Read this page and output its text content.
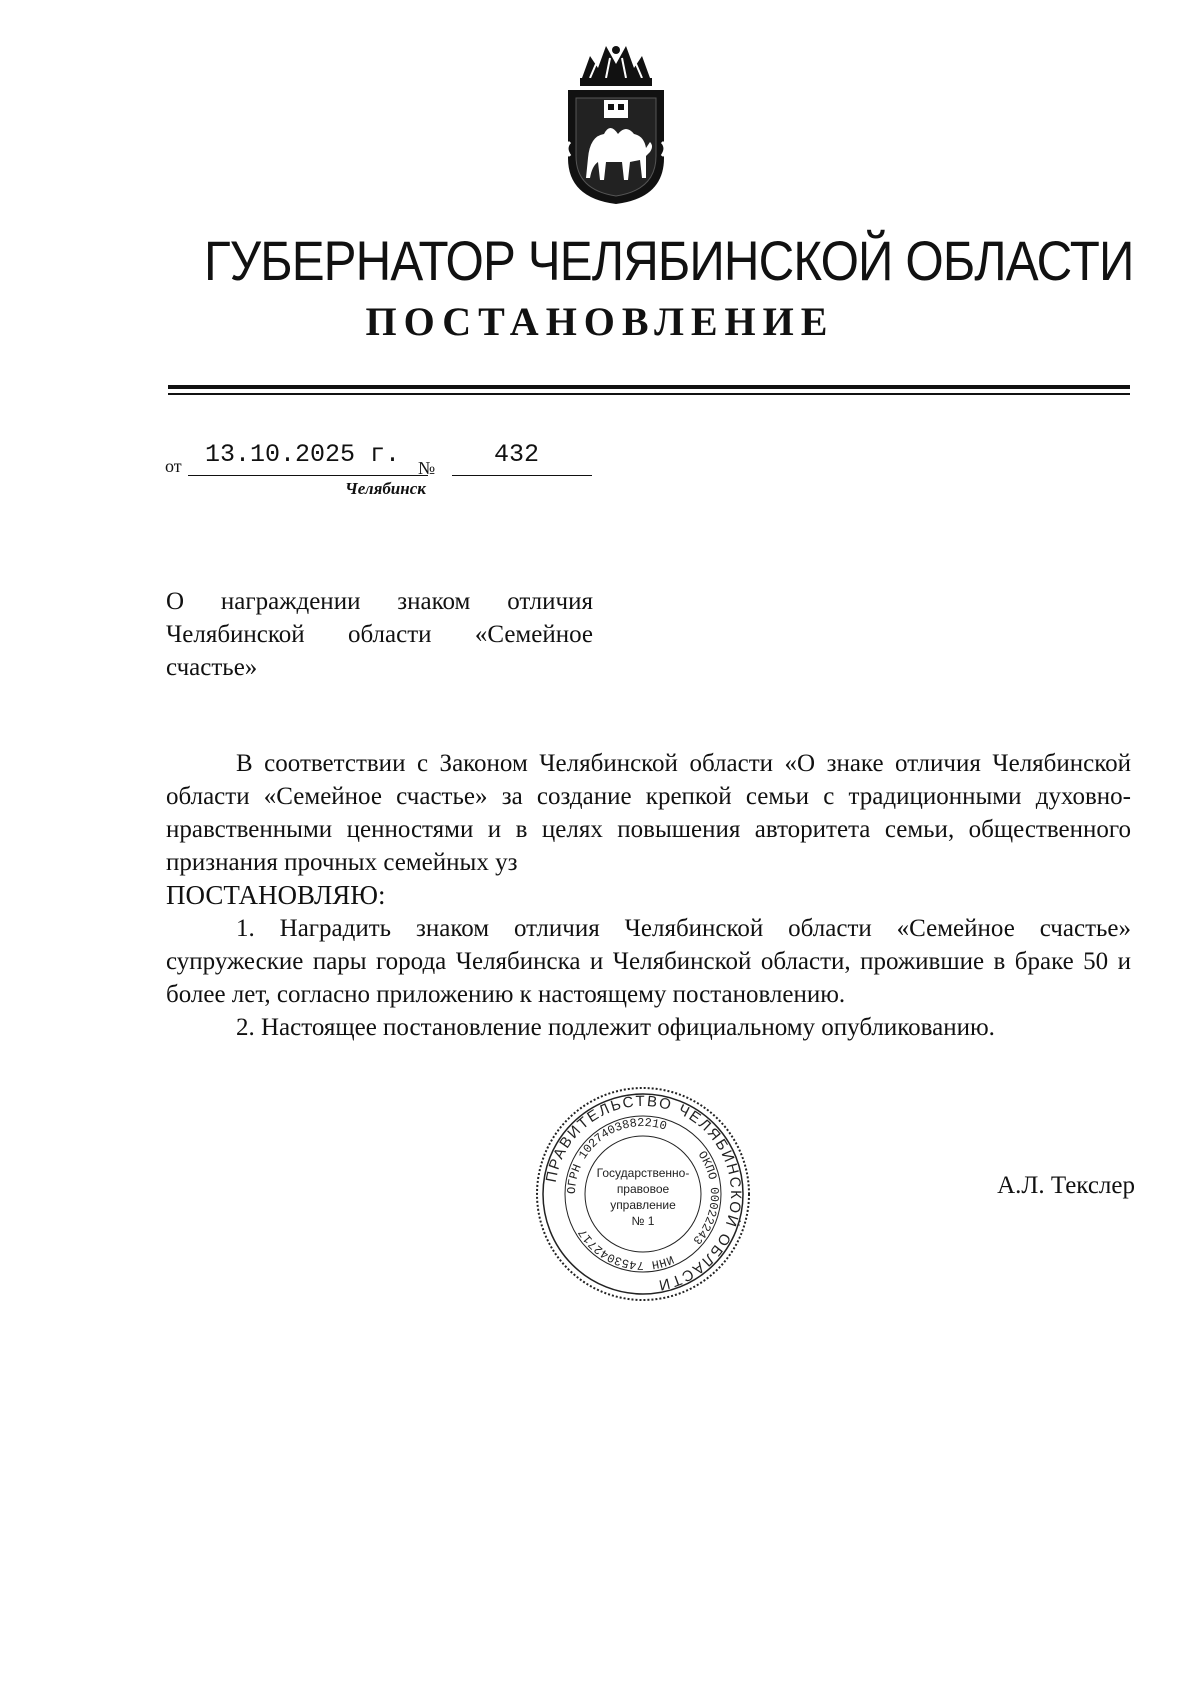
ГУБЕРНАТОР ЧЕЛЯБИНСКОЙ ОБЛАСТИ
ПОСТАНОВЛЕНИЕ
от 13.10.2025 г. № 432
Челябинск

О награждении знаком отличия Челябинской области «Семейное счастье»

В соответствии с Законом Челябинской области «О знаке отличия Челябинской области «Семейное счастье» за создание крепкой семьи с традиционными духовно-нравственными ценностями и в целях повышения авторитета семьи, общественного признания прочных семейных уз

ПОСТАНОВЛЯЮ:

1. Наградить знаком отличия Челябинской области «Семейное счастье» супружеские пары города Челябинска и Челябинской области, прожившие в браке 50 и более лет, согласно приложению к настоящему постановлению.

2. Настоящее постановление подлежит официальному опубликованию.

ПРАВИТЕЛЬСТВО ЧЕЛЯБИНСКОЙ ОБЛАСТИ
ОГРН 1027403882210
ОКПО 00022243
ИНН 7453042717
Государственно-
правовое
управление
№ 1
А.Л. Текслер
